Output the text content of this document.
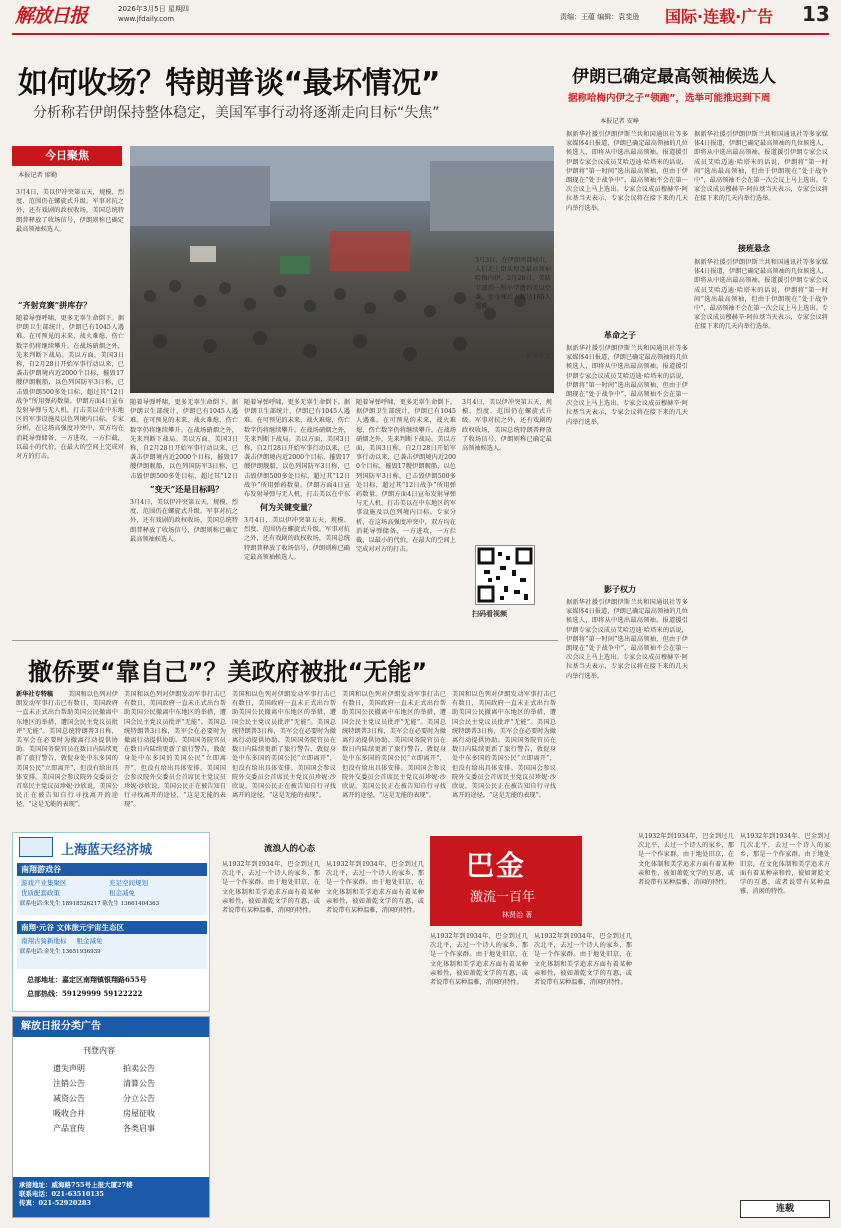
解放日报	2026年3月5日 星期四
www.jfdaily.com	责编：王蕴 编辑：袁斐逊 国际·连载·广告 13
如何收场？特朗普谈“最坏情况”
分析称若伊朗保持整体稳定，美国军事行动将逐渐走向目标“失焦”
今日聚焦
本报记者 廖勤
3月4日，美以伊冲突第五天，规模、烈度、范围仍在螺旋式升级。军事对抗之外，还有戏剧的政权收场，美国总统特朗普释放了收场信号，伊朗则称已确定最高领袖候选人。
“齐射竞赛”拼库存？
随着导弹呼啸，更多无辜生命倒下。据伊朗卫生部统计，伊朗已有1045人遇难。在可预见的未来，战火难熄，伤亡数字仍将继续攀升。在战场硝烟之外，先来判断下战局。美以方面，美国3日称，自2月28日开始军事行动以来，已袭击伊朗境内近2000个目标，摧毁17艘伊朗舰船，以色列国防军3日称，已击毁伊朗500多处目标，超过其“12日战争”所用弹药数量。伊朗方面4日宣布发射导弹与无人机，打击美以在中东地区的军事设施及以色列境内目标。专家分析，在这场高强度冲突中，双方均在消耗导弹储备，一方进攻，一方拦截，以最小的代价，在最大的空间上完成对对方的打击。
3月3日，在伊朗南部城市，人们走上街头悼念最高领袖哈梅内伊。2月28日，美防卫部的一所小学遭到美以空袭，至今死亡人数达165人遇难。
新华社发
随着导弹呼啸，更多无辜生命倒下。据伊朗卫生部统计，伊朗已有1045人遇难。在可预见的未来，战火难熄，伤亡数字仍将继续攀升。在战场硝烟之外，先来判断下战局。美以方面，美国3日称，自2月28日开始军事行动以来，已袭击伊朗境内近2000个目标，摧毁17艘伊朗舰船，以色列国防军3日称，已击毁伊朗500多处目标，超过其“12日
“变天”还是目标吗？
3月4日，美以伊冲突第五天，规模、烈度、范围仍在螺旋式升级。军事对抗之外，还有戏剧的政权收场，美国总统特朗普释放了收场信号，伊朗则称已确定最高领袖候选人。
随着导弹呼啸，更多无辜生命倒下。据伊朗卫生部统计，伊朗已有1045人遇难。在可预见的未来，战火难熄，伤亡数字仍将继续攀升。在战场硝烟之外，先来判断下战局。美以方面，美国3日称，自2月28日开始军事行动以来，已袭击伊朗境内近2000个目标，摧毁17艘伊朗舰船，以色列国防军3日称，已击毁伊朗500多处目标，超过其“12日战争”所用弹药数量。伊朗方面4日宣布发射导弹与无人机，打击美以在中东
何为关键变量？
3月4日，美以伊冲突第五天，规模、烈度、范围仍在螺旋式升级。军事对抗之外，还有戏剧的政权收场，美国总统特朗普释放了收场信号，伊朗则称已确定最高领袖候选人。
随着导弹呼啸，更多无辜生命倒下。据伊朗卫生部统计，伊朗已有1045人遇难。在可预见的未来，战火难熄，伤亡数字仍将继续攀升。在战场硝烟之外，先来判断下战局。美以方面，美国3日称，自2月28日开始军事行动以来，已袭击伊朗境内近2000个目标，摧毁17艘伊朗舰船，以色列国防军3日称，已击毁伊朗500多处目标，超过其“12日战争”所用弹药数量。伊朗方面4日宣布发射导弹与无人机，打击美以在中东地区的军事设施及以色列境内目标。专家分析，在这场高强度冲突中，双方均在消耗导弹储备，一方进攻，一方拦截，以最小的代价，在最大的空间上完成对对方的打击。
3月4日，美以伊冲突第五天，规模、烈度、范围仍在螺旋式升级。军事对抗之外，还有戏剧的政权收场，美国总统特朗普释放了收场信号，伊朗则称已确定最高领袖候选人。
扫码看视频
伊朗已确定最高领袖候选人
据称哈梅内伊之子“领跑”，选举可能推迟到下周
本报记者 安峥
据新华社援引伊朗伊斯兰共和国通讯社等多家媒体4日报道，伊朗已确定最高领袖的几位候选人，即将从中选出最高领袖。报道援引伊朗专家会议成员艾哈迈迪·哈塔米的话说，伊朗将“第一时间”选出最高领袖，但由于伊朗现在“处于战争中”，最高领袖不会在第一次会议上马上选出。专家会议成员穆赫辛·阿拉基当天表示，专家会议将在接下来的几天内举行选举。
革命之子
据新华社援引伊朗伊斯兰共和国通讯社等多家媒体4日报道，伊朗已确定最高领袖的几位候选人，即将从中选出最高领袖。报道援引伊朗专家会议成员艾哈迈迪·哈塔米的话说，伊朗将“第一时间”选出最高领袖，但由于伊朗现在“处于战争中”，最高领袖不会在第一次会议上马上选出。专家会议成员穆赫辛·阿拉基当天表示，专家会议将在接下来的几天内举行选举。
影子权力
据新华社援引伊朗伊斯兰共和国通讯社等多家媒体4日报道，伊朗已确定最高领袖的几位候选人，即将从中选出最高领袖。报道援引伊朗专家会议成员艾哈迈迪·哈塔米的话说，伊朗将“第一时间”选出最高领袖，但由于伊朗现在“处于战争中”，最高领袖不会在第一次会议上马上选出。专家会议成员穆赫辛·阿拉基当天表示，专家会议将在接下来的几天内举行选举。
据新华社援引伊朗伊斯兰共和国通讯社等多家媒体4日报道，伊朗已确定最高领袖的几位候选人，即将从中选出最高领袖。报道援引伊朗专家会议成员艾哈迈迪·哈塔米的话说，伊朗将“第一时间”选出最高领袖，但由于伊朗现在“处于战争中”，最高领袖不会在第一次会议上马上选出。专家会议成员穆赫辛·阿拉基当天表示，专家会议将在接下来的几天内举行选举。
接班悬念
据新华社援引伊朗伊斯兰共和国通讯社等多家媒体4日报道，伊朗已确定最高领袖的几位候选人，即将从中选出最高领袖。报道援引伊朗专家会议成员艾哈迈迪·哈塔米的话说，伊朗将“第一时间”选出最高领袖，但由于伊朗现在“处于战争中”，最高领袖不会在第一次会议上马上选出。专家会议成员穆赫辛·阿拉基当天表示，专家会议将在接下来的几天内举行选举。
撤侨要“靠自己”？美政府被批“无能”
新华社专特稿	美国和以色列对伊朗发动军事打击已有数日，美国政府一直未正式出台帮助美国公民撤离中东地区的举措，遭国会民主党议员批评“无能”。美国总统特朗普3日称，美军会在必要时为撤离行动提供协助。美国国务院官员在数日内陆续更新了旅行警告，敦促身处中东多国的美国公民“立即离开”，但没有给出具体安排。美国国会参议院外交委员会首席民主党议员珍妮·沙欣说，美国公民正在被告知自行寻找离开的途径，“这是无能的表现”。
美国和以色列对伊朗发动军事打击已有数日，美国政府一直未正式出台帮助美国公民撤离中东地区的举措，遭国会民主党议员批评“无能”。美国总统特朗普3日称，美军会在必要时为撤离行动提供协助。美国国务院官员在数日内陆续更新了旅行警告，敦促身处中东多国的美国公民“立即离开”，但没有给出具体安排。美国国会参议院外交委员会首席民主党议员珍妮·沙欣说，美国公民正在被告知自行寻找离开的途径，“这是无能的表现”。
美国和以色列对伊朗发动军事打击已有数日，美国政府一直未正式出台帮助美国公民撤离中东地区的举措，遭国会民主党议员批评“无能”。美国总统特朗普3日称，美军会在必要时为撤离行动提供协助。美国国务院官员在数日内陆续更新了旅行警告，敦促身处中东多国的美国公民“立即离开”，但没有给出具体安排。美国国会参议院外交委员会首席民主党议员珍妮·沙欣说，美国公民正在被告知自行寻找离开的途径，“这是无能的表现”。
美国和以色列对伊朗发动军事打击已有数日，美国政府一直未正式出台帮助美国公民撤离中东地区的举措，遭国会民主党议员批评“无能”。美国总统特朗普3日称，美军会在必要时为撤离行动提供协助。美国国务院官员在数日内陆续更新了旅行警告，敦促身处中东多国的美国公民“立即离开”，但没有给出具体安排。美国国会参议院外交委员会首席民主党议员珍妮·沙欣说，美国公民正在被告知自行寻找离开的途径，“这是无能的表现”。
美国和以色列对伊朗发动军事打击已有数日，美国政府一直未正式出台帮助美国公民撤离中东地区的举措，遭国会民主党议员批评“无能”。美国总统特朗普3日称，美军会在必要时为撤离行动提供协助。美国国务院官员在数日内陆续更新了旅行警告，敦促身处中东多国的美国公民“立即离开”，但没有给出具体安排。美国国会参议院外交委员会首席民主党议员珍妮·沙欣说，美国公民正在被告知自行寻找离开的途径，“这是无能的表现”。
上海蓝天经济城
南翔游戏谷
游戏产业集聚区	充足空间规划
优质配套政策	租金减免
联系电话:朱先生 18918526217 陈先生 13661404363
南翔·元谷 文体旅元宇宙生态区
南翔古猗新地标 租金减免
联系电话:金先生 13651936939
总部地址：嘉定区南翔镇银翔路655号
总部热线：59129999 59122222
解放日报分类广告
刊登内容
遗失声明	拍卖公告
注销公告	清算公告
减资公告	分立公告
吸收合并	房屋征收
产品宣传	各类启事
承接地址：威海路755号上报大厦27楼
联系电话：021-63510135
传真：021-52920283
巴金
激流一百年
林贤治 著
流浪人的心态
从1932年到1934年，巴金到过几次北平，去过一个诗人的家乡，那是一个作家群。由于地处旧京，在文化体制和美学追求方面有着某种亲和性，彼如萧乾文学的互惠，或者说带有某种温雅，消闲的特性。
从1932年到1934年，巴金到过几次北平，去过一个诗人的家乡，那是一个作家群。由于地处旧京，在文化体制和美学追求方面有着某种亲和性，彼如萧乾文学的互惠，或者说带有某种温雅，消闲的特性。
从1932年到1934年，巴金到过几次北平，去过一个诗人的家乡，那是一个作家群。由于地处旧京，在文化体制和美学追求方面有着某种亲和性，彼如萧乾文学的互惠，或者说带有某种温雅，消闲的特性。
从1932年到1934年，巴金到过几次北平，去过一个诗人的家乡，那是一个作家群。由于地处旧京，在文化体制和美学追求方面有着某种亲和性，彼如萧乾文学的互惠，或者说带有某种温雅，消闲的特性。
从1932年到1934年，巴金到过几次北平，去过一个诗人的家乡，那是一个作家群。由于地处旧京，在文化体制和美学追求方面有着某种亲和性，彼如萧乾文学的互惠，或者说带有某种温雅，消闲的特性。
从1932年到1934年，巴金到过几次北平，去过一个诗人的家乡，那是一个作家群。由于地处旧京，在文化体制和美学追求方面有着某种亲和性，彼如萧乾文学的互惠，或者说带有某种温雅，消闲的特性。
连载
